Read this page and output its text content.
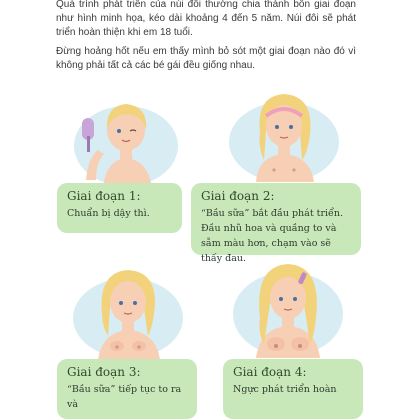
Quá trình phát triển của núi đôi thường chia thành bốn giai đoạn như hình minh họa, kéo dài khoảng 4 đến 5 năm. Núi đôi sẽ phát triển hoàn thiện khi em 18 tuổi.
Đừng hoảng hốt nếu em thấy mình bỏ sót một giai đoạn nào đó vì không phải tất cả các bé gái đều giống nhau.
Giai đoạn 1:
Chuẩn bị dậy thì.
Giai đoạn 2:
“Bầu sữa” bắt đầu phát triển. Đầu nhũ hoa và quầng to và sẫm màu hơn, chạm vào sẽ thấy đau.
Giai đoạn 3:
“Bầu sữa” tiếp tục to ra và
Giai đoạn 4:
Ngực phát triển hoàn
